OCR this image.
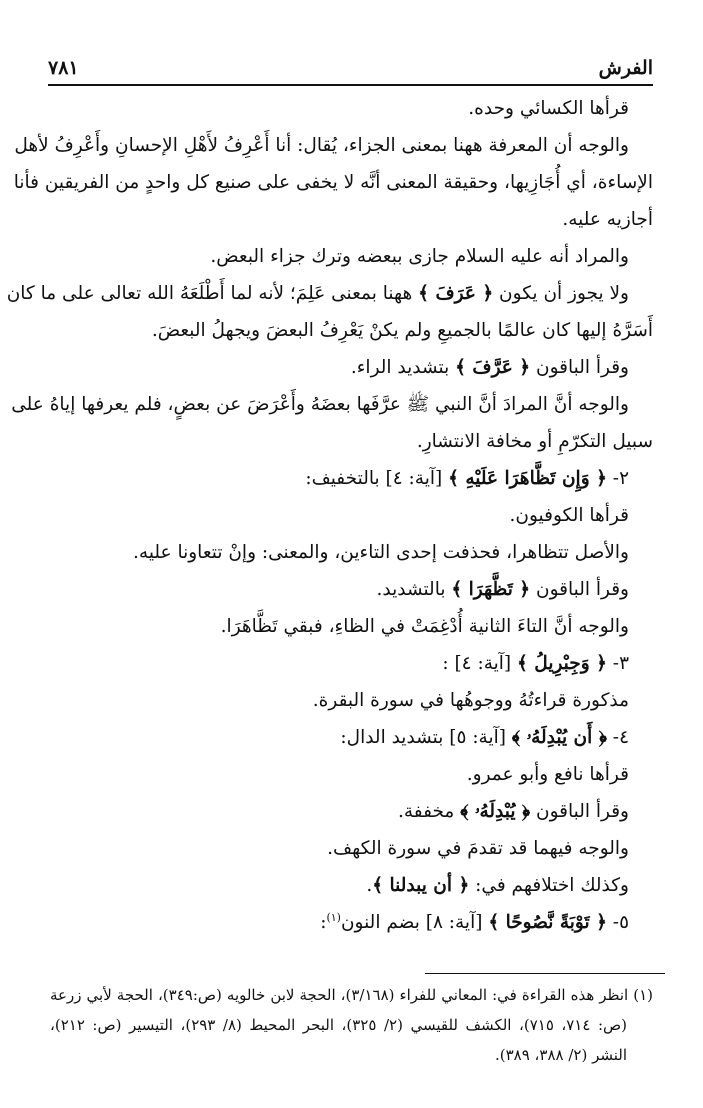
الفرش
٧٨١
قرأها الكسائي وحده.
والوجه أن المعرفة ههنا بمعنى الجزاء، يُقال: أنا أَعْرِفُ لأَهْلِ الإحسانِ وأَعْرِفُ لأهل
الإساءة، أي أُجَازِيها، وحقيقة المعنى أنَّه لا يخفى على صنيع كل واحدٍ من الفريقين فأنا
أجازيه عليه.
والمراد أنه عليه السلام جازى ببعضه وترك جزاء البعض.
ولا يجوز أن يكون ﴿ عَرَفَ ﴾ ههنا بمعنى عَلِمَ؛ لأنه لما أَطْلَعَهُ الله تعالى على ما كان
أَسَرَّهُ إليها كان عالمًا بالجميعِ ولم يكنْ يَعْرِفُ البعضَ ويجهلُ البعضَ.
وقرأ الباقون ﴿ عَرَّفَ ﴾ بتشديد الراء.
والوجه أنَّ المرادَ أنَّ النبي ﷺ عرَّفَها بعضَهُ وأَعْرَضَ عن بعضٍ، فلم يعرفها إياهُ على
سبيل التكرّمِ أو مخافة الانتشارِ.
٢- ﴿ وَإِن تَظَّاهَرَا عَلَيْهِ ﴾ [آية: ٤] بالتخفيف:
قرأها الكوفيون.
والأصل تتظاهرا، فحذفت إحدى التاءين، والمعنى: وإنْ تتعاونا عليه.
وقرأ الباقون ﴿ تَظَّهَرَا ﴾ بالتشديد.
والوجه أنَّ التاءَ الثانية أُدْغِمَتْ في الظاءِ، فبقي تَظَّاهَرَا.
٣- ﴿ وَجِبْرِيلُ ﴾ [آية: ٤] :
مذكورة قراءتُهُ ووجوهُها في سورة البقرة.
٤- ﴿ أَن يُبْدِلَهُۥ ﴾ [آية: ٥] بتشديد الدال:
قرأها نافع وأبو عمرو.
وقرأ الباقون ﴿ يُبْدِلَهُۥ ﴾ مخففة.
والوجه فيهما قد تقدمَ في سورة الكهف.
وكذلك اختلافهم في: ﴿ أن يبدلنا ﴾.
٥- ﴿ تَوْبَةً نَّصُوحًا ﴾ [آية: ٨] بضم النون$^{(١)}$:
(١) انظر هذه القراءة في: المعاني للفراء (٣/١٦٨)، الحجة لابن خالويه (ص:٣٤٩)، الحجة لأبي زرعة
(ص: ٧١٤، ٧١٥)، الكشف للقيسي (٢/ ٣٢٥)، البحر المحيط (٨/ ٢٩٣)، التيسير (ص: ٢١٢)،
النشر (٢/ ٣٨٨، ٣٨٩).
